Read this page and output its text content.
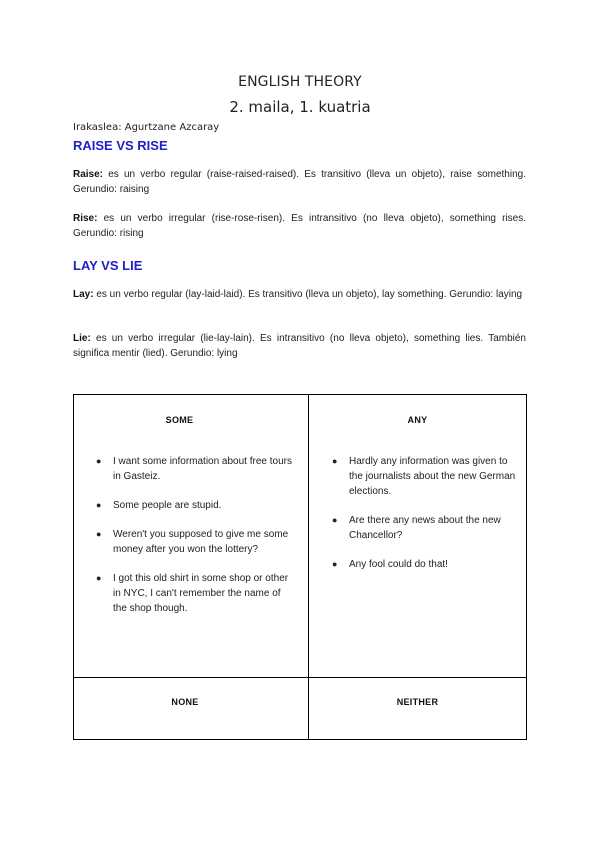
ENGLISH THEORY
2. maila, 1. kuatria
Irakaslea: Agurtzane Azcaray
RAISE VS RISE

Raise: es un verbo regular (raise-raised-raised). Es transitivo (lleva un objeto), raise something. Gerundio: raising

Rise: es un verbo irregular (rise-rose-risen). Es intransitivo (no lleva objeto), something rises. Gerundio: rising

LAY VS LIE

Lay: es un verbo regular (lay-laid-laid). Es transitivo (lleva un objeto), lay something. Gerundio: laying

Lie: es un verbo irregular (lie-lay-lain). Es intransitivo (no lleva objeto), something lies. También significa mentir (lied). Gerundio: lying

SOME	ANY
NONE	NEITHER
● I want some information about free tours in Gasteiz.
● Some people are stupid.
● Weren't you supposed to give me some money after you won the lottery?
● I got this old shirt in some shop or other in NYC, I can't remember the name of the shop though.
● Hardly any information was given to the journalists about the new German elections.
● Are there any news about the new Chancellor?
● Any fool could do that!
